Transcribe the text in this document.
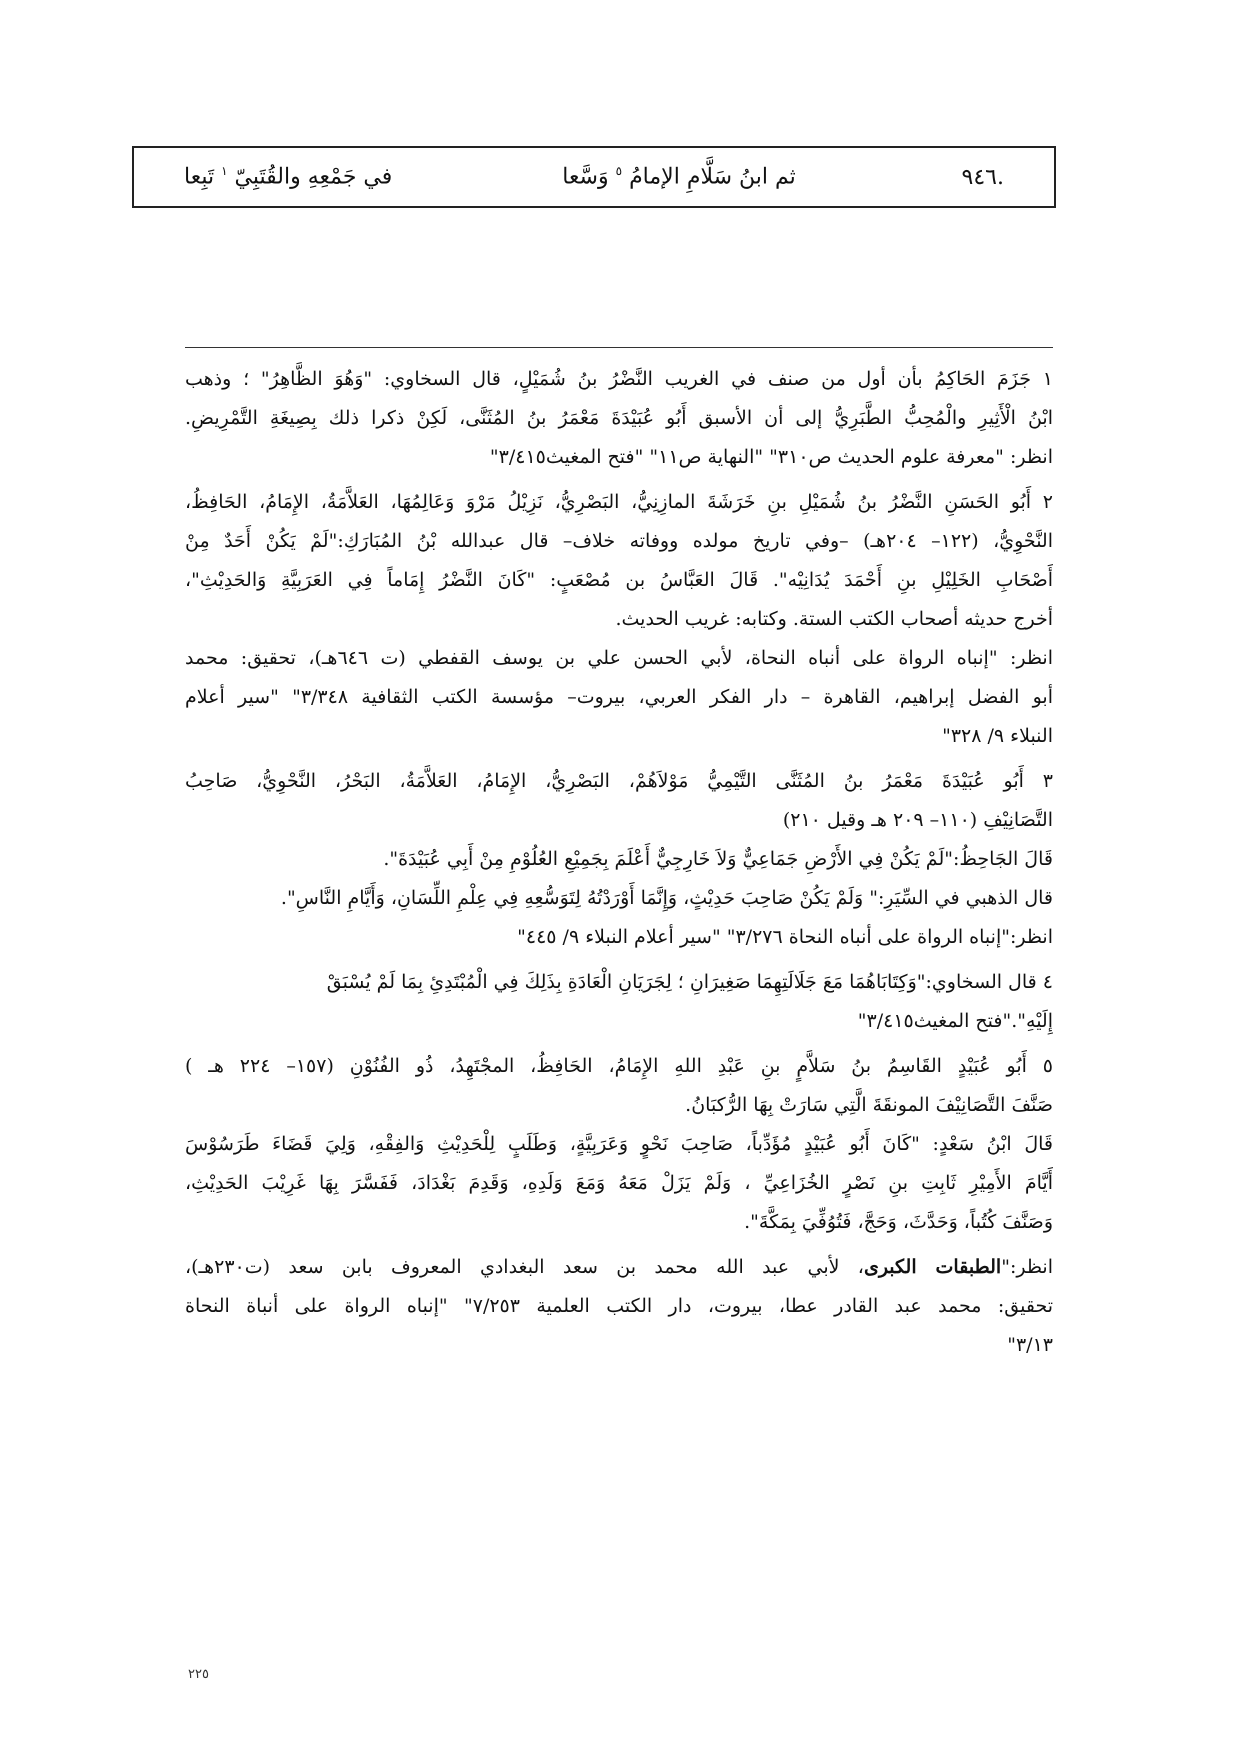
.٩٤٦
ثم ابنُ سَلَّامِ الإمامُ $^٥$ وَسَّعا
في جَمْعِهِ والقُتَبِيّ $^١$ تَبِعا
١ جَزَمَ الحَاكِمُ بأن أول من صنف في الغريب النَّضْرُ بنُ شُمَيْلٍ، قال السخاوي: "وَهُوَ الظَّاهِرُ" ؛ وذهب
ابْنُ الْأَثِيرِ والْمُحِبُّ الطَّبَرِيُّ إلى أن الأسبق أَبُو عُبَيْدَةَ مَعْمَرُ بنُ المُثَنَّى، لَكِنْ ذكرا ذلك بِصِيغَةِ التَّمْرِيضِ.
انظر: "معرفة علوم الحديث ص٣١٠" "النهاية ص١١" "فتح المغيث٣/٤١٥"
٢ أَبُو الحَسَنِ النَّضْرُ بنُ شُمَيْلِ بنِ خَرَشَةَ المازِنِيُّ، البَصْرِيُّ، نَزِيْلُ مَرْوَ وَعَالِمُهَا، العَلاَّمَةُ، الإِمَامُ، الحَافِظُ،
النَّحْوِيُّ، (١٢٢– ٢٠٤هـ) –وفي تاريخ مولده ووفاته خلاف– قال عبدالله بْنُ المُبَارَكِ:"لَمْ يَكُنْ أَحَدٌ مِنْ
أَصْحَابِ الخَلِيْلِ بنِ أَحْمَدَ يُدَانِيْه". قَالَ العَبَّاسُ بن مُصْعَبٍ: "كَانَ النَّضْرُ إِمَاماً فِي العَرَبِيَّةِ وَالحَدِيْثِ"،
أخرج حديثه أصحاب الكتب الستة. وكتابه: غريب الحديث.
انظر: "إنباه الرواة على أنباه النحاة، لأبي الحسن علي بن يوسف القفطي (ت ٦٤٦هـ)، تحقيق: محمد
أبو الفضل إبراهيم، القاهرة – دار الفكر العربي، بيروت– مؤسسة الكتب الثقافية ٣/٣٤٨" "سير أعلام
النبلاء ٩/ ٣٢٨"
٣ أَبُو عُبَيْدَةَ مَعْمَرُ بنُ المُثَنَّى التَّيْمِيُّ مَوْلاَهُمْ، البَصْرِيُّ، الإِمَامُ، العَلاَّمَةُ، البَحْرُ، النَّحْوِيُّ، صَاحِبُ
التَّصَانِيْفِ (١١٠– ٢٠٩ هـ وقيل ٢١٠)
قَالَ الجَاحِظُ:"لَمْ يَكُنْ فِي الأَرْضِ جَمَاعِيٌّ وَلاَ خَارِجِيٌّ أَعْلَمَ بِجَمِيْعِ العُلُوْمِ مِنْ أَبِي عُبَيْدَةَ".
قال الذهبي في السِّيَرِ:" وَلَمْ يَكُنْ صَاحِبَ حَدِيْثٍ، وَإِنَّمَا أَوْرَدْتُهُ لِتَوَسُّعِهِ فِي عِلْمِ اللِّسَانِ، وَأَيَّامِ النَّاسِ".
انظر:"إنباه الرواة على أنباه النحاة ٣/٢٧٦" "سير أعلام النبلاء ٩/ ٤٤٥"
٤ قال السخاوي:"وَكِتَابَاهُمَا مَعَ جَلَالَتِهِمَا صَغِيرَانِ ؛ لِجَرَيَانِ الْعَادَةِ بِذَلِكَ فِي الْمُبْتَدِئِ بِمَا لَمْ يُسْبَقْ
إِلَيْهِ"."فتح المغيث٣/٤١٥"
٥ أَبُو عُبَيْدٍ القَاسِمُ بنُ سَلاَّمٍ بنِ عَبْدِ اللهِ الإِمَامُ، الحَافِظُ، المجْتَهِدُ، ذُو الفُنُوْنِ (١٥٧– ٢٢٤ هـ )
صَنَّفَ التَّصَانِيْفَ المونقَةَ الَّتِي سَارَتْ بِهَا الرُّكبَانُ.
قَالَ ابْنُ سَعْدٍ: "كَانَ أَبُو عُبَيْدٍ مُؤَدِّباً، صَاحِبَ نَحْوٍ وَعَرَبِيَّةٍ، وَطَلَبٍ لِلْحَدِيْثِ وَالفِقْهِ، وَلِيَ قَضَاءَ طَرَسُوْسَ
أَيَّامَ الأَمِيْرِ ثَابِتِ بنِ نَصْرٍ الخُزَاعِيِّ ، وَلَمْ يَزَلْ مَعَهُ وَمَعَ وَلَدِهِ، وَقَدِمَ بَغْدَادَ، فَفَسَّرَ بِهَا غَرِيْبَ الحَدِيْثِ،
وَصَنَّفَ كُتُباً، وَحَدَّثَ، وَحَجَّ، فَتُوُفِّيَ بِمَكَّةَ".
انظر:"الطبقات الكبرى، لأبي عبد الله محمد بن سعد البغدادي المعروف بابن سعد (ت٢٣٠هـ)،
تحقيق: محمد عبد القادر عطا، بيروت، دار الكتب العلمية ٧/٢٥٣" "إنباه الرواة على أنباة النحاة
٣/١٣"
٢٢٥
